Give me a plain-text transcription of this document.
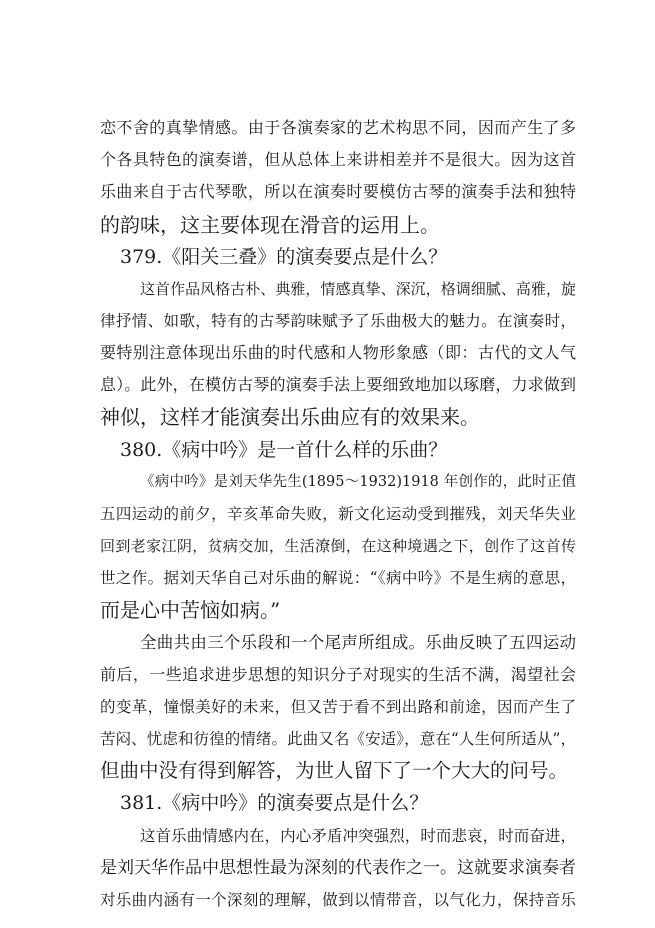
恋不舍的真挚情感。由于各演奏家的艺术构思不同，因而产生了多
个各具特色的演奏谱，但从总体上来讲相差并不是很大。因为这首
乐曲来自于古代琴歌，所以在演奏时要模仿古琴的演奏手法和独特
的韵味，这主要体现在滑音的运用上。
379.《阳关三叠》的演奏要点是什么？
这首作品风格古朴、典雅，情感真挚、深沉，格调细腻、高雅，旋
律抒情、如歌，特有的古琴韵味赋予了乐曲极大的魅力。在演奏时，
要特别注意体现出乐曲的时代感和人物形象感（即：古代的文人气
息）。此外，在模仿古琴的演奏手法上要细致地加以琢磨，力求做到
神似，这样才能演奏出乐曲应有的效果来。
380.《病中吟》是一首什么样的乐曲？
《病中吟》是刘天华先生(1895～1932)1918 年创作的，此时正值
五四运动的前夕，辛亥革命失败，新文化运动受到摧残，刘天华失业
回到老家江阴，贫病交加，生活潦倒，在这种境遇之下，创作了这首传
世之作。据刘天华自己对乐曲的解说：“《病中吟》不是生病的意思，
而是心中苦恼如病。”
全曲共由三个乐段和一个尾声所组成。乐曲反映了五四运动
前后，一些追求进步思想的知识分子对现实的生活不满，渴望社会
的变革，憧憬美好的未来，但又苦于看不到出路和前途，因而产生了
苦闷、忧虑和彷徨的情绪。此曲又名《安适》，意在“人生何所适从”，
但曲中没有得到解答，为世人留下了一个大大的问号。
381.《病中吟》的演奏要点是什么？
这首乐曲情感内在，内心矛盾冲突强烈，时而悲哀，时而奋进，
是刘天华作品中思想性最为深刻的代表作之一。这就要求演奏者
对乐曲内涵有一个深刻的理解，做到以情带音，以气化力，保持音乐
